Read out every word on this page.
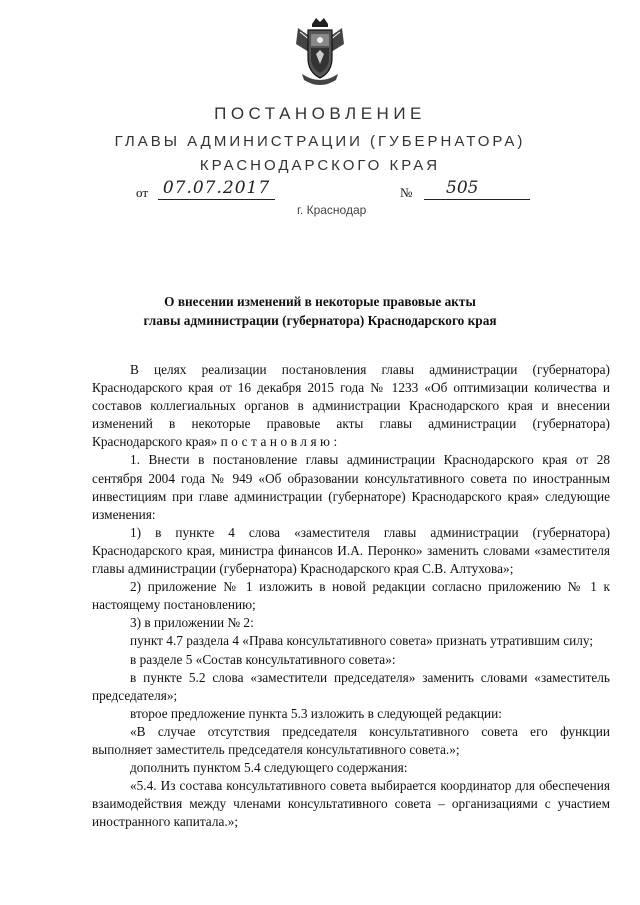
ПОСТАНОВЛЕНИЕ
ГЛАВЫ АДМИНИСТРАЦИИ (ГУБЕРНАТОРА)
КРАСНОДАРСКОГО КРАЯ
от 07.07.2017	№	505
г. Краснодар
О внесении изменений в некоторые правовые акты
главы администрации (губернатора) Краснодарского края

В целях реализации постановления главы администрации (губернатора) Краснодарского края от 16 декабря 2015 года № 1233 «Об оптимизации количества и составов коллегиальных органов в администрации Краснодарского края и внесении изменений в некоторые правовые акты главы администрации (губернатора) Краснодарского края» постановляю:

1. Внести в постановление главы администрации Краснодарского края от 28 сентября 2004 года № 949 «Об образовании консультативного совета по иностранным инвестициям при главе администрации (губернаторе) Краснодарского края» следующие изменения:

1) в пункте 4 слова «заместителя главы администрации (губернатора) Краснодарского края, министра финансов И.А. Перонко» заменить словами «заместителя главы администрации (губернатора) Краснодарского края С.В. Алтухова»;

2) приложение № 1 изложить в новой редакции согласно приложению № 1 к настоящему постановлению;

3) в приложении № 2:

пункт 4.7 раздела 4 «Права консультативного совета» признать утратившим силу;

в разделе 5 «Состав консультативного совета»:

в пункте 5.2 слова «заместители председателя» заменить словами «заместитель председателя»;

второе предложение пункта 5.3 изложить в следующей редакции:

«В случае отсутствия председателя консультативного совета его функции выполняет заместитель председателя консультативного совета.»;

дополнить пунктом 5.4 следующего содержания:

«5.4. Из состава консультативного совета выбирается координатор для обеспечения взаимодействия между членами консультативного совета – организациями с участием иностранного капитала.»;
